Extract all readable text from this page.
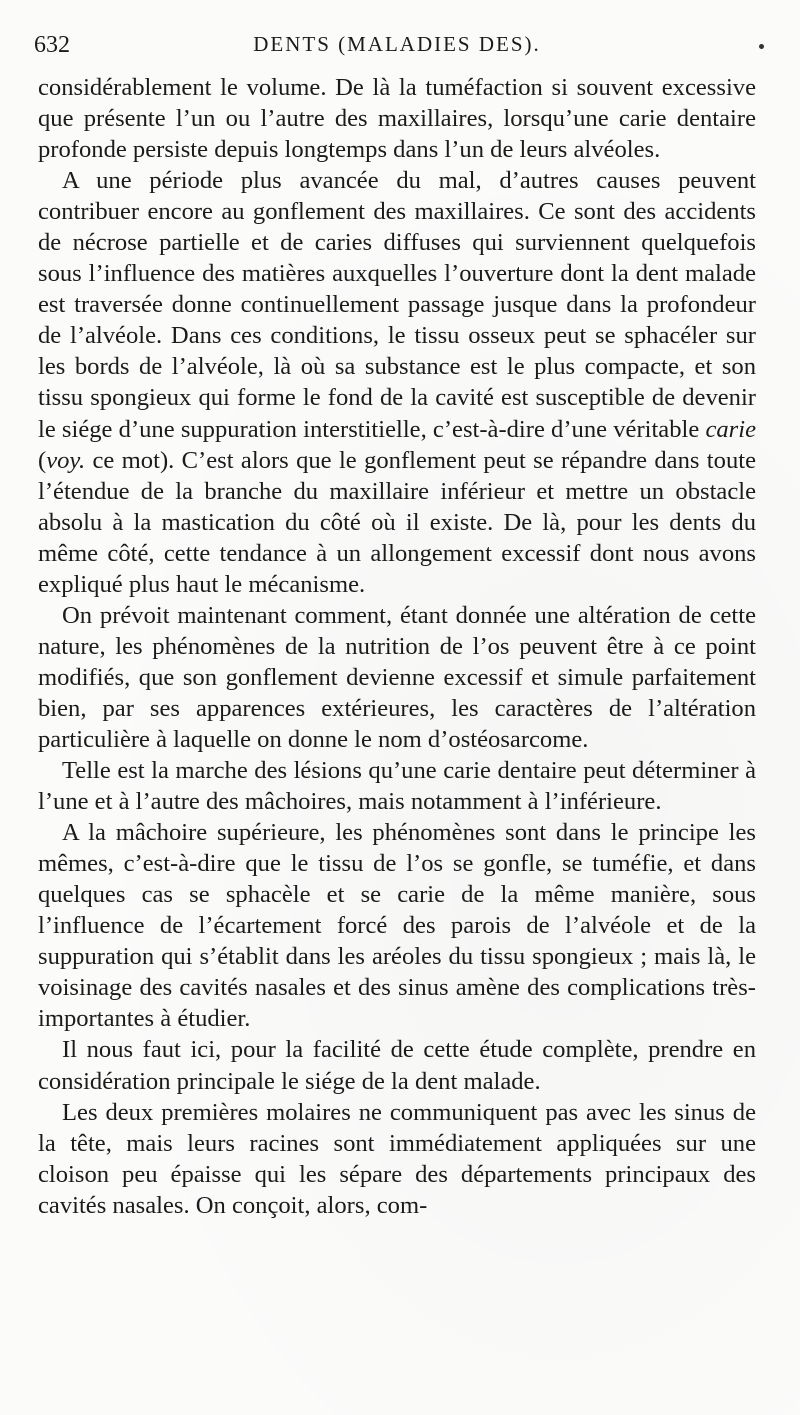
632	DENTS (MALADIES DES).

considérablement le volume. De là la tuméfaction si souvent excessive que présente l’un ou l’autre des maxillaires, lorsqu’une carie dentaire profonde persiste depuis longtemps dans l’un de leurs alvéoles.

A une période plus avancée du mal, d’autres causes peuvent contribuer encore au gonflement des maxillaires. Ce sont des accidents de nécrose partielle et de caries diffuses qui surviennent quelquefois sous l’influence des matières auxquelles l’ouverture dont la dent malade est traversée donne continuellement passage jusque dans la profondeur de l’alvéole. Dans ces conditions, le tissu osseux peut se sphacéler sur les bords de l’alvéole, là où sa substance est le plus compacte, et son tissu spongieux qui forme le fond de la cavité est susceptible de devenir le siége d’une suppuration interstitielle, c’est-à-dire d’une véritable carie (voy. ce mot). C’est alors que le gonflement peut se répandre dans toute l’étendue de la branche du maxillaire inférieur et mettre un obstacle absolu à la mastication du côté où il existe. De là, pour les dents du même côté, cette tendance à un allongement excessif dont nous avons expliqué plus haut le mécanisme.

On prévoit maintenant comment, étant donnée une altération de cette nature, les phénomènes de la nutrition de l’os peuvent être à ce point modifiés, que son gonflement devienne excessif et simule parfaitement bien, par ses apparences extérieures, les caractères de l’altération particulière à laquelle on donne le nom d’ostéosarcome.

Telle est la marche des lésions qu’une carie dentaire peut déterminer à l’une et à l’autre des mâchoires, mais notamment à l’inférieure.

A la mâchoire supérieure, les phénomènes sont dans le principe les mêmes, c’est-à-dire que le tissu de l’os se gonfle, se tuméfie, et dans quelques cas se sphacèle et se carie de la même manière, sous l’influence de l’écartement forcé des parois de l’alvéole et de la suppuration qui s’établit dans les aréoles du tissu spongieux ; mais là, le voisinage des cavités nasales et des sinus amène des complications très-importantes à étudier.

Il nous faut ici, pour la facilité de cette étude complète, prendre en considération principale le siége de la dent malade.

Les deux premières molaires ne communiquent pas avec les sinus de la tête, mais leurs racines sont immédiatement appliquées sur une cloison peu épaisse qui les sépare des départements principaux des cavités nasales. On conçoit, alors, com-
